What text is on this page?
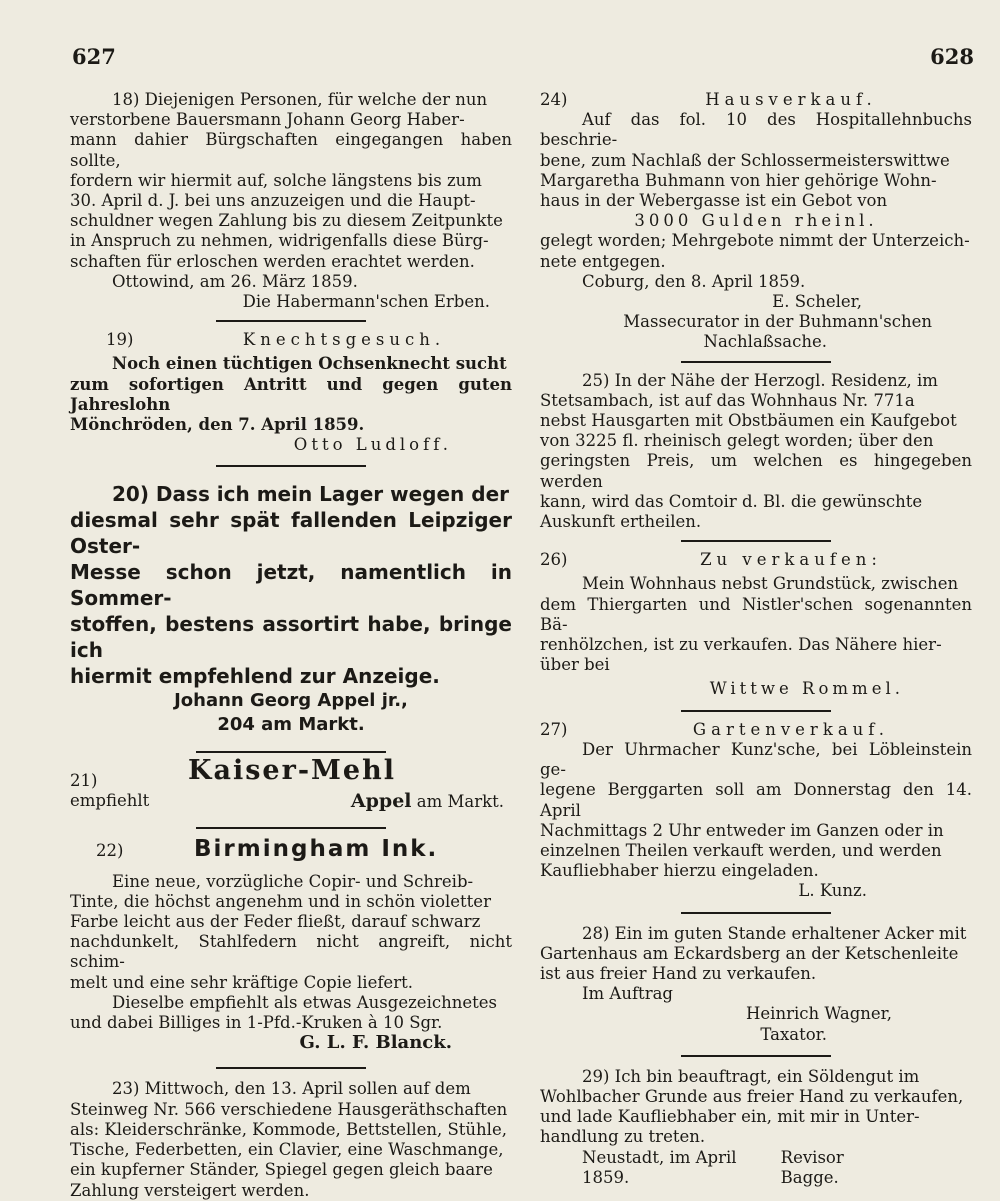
627	628

18) Diejenigen Personen, für welche der nun

verstorbene Bauersmann Johann Georg Haber-

mann dahier Bürgschaften eingegangen haben sollte,

fordern wir hiermit auf, solche längstens bis zum

30. April d. J. bei uns anzuzeigen und die Haupt-

schuldner wegen Zahlung bis zu diesem Zeitpunkte

in Anspruch zu nehmen, widrigenfalls diese Bürg-

schaften für erloschen werden erachtet werden.

Ottowind, am 26. März 1859.

Die Habermann'schen Erben.

19)	Knechtsgesuch.

Noch einen tüchtigen Ochsenknecht sucht

zum sofortigen Antritt und gegen guten Jahreslohn

Mönchröden, den 7. April 1859.

Otto Ludloff.

20) Dass ich mein Lager wegen der

diesmal sehr spät fallenden Leipziger Oster-

Messe schon jetzt, namentlich in Sommer-

stoffen, bestens assortirt habe, bringe ich

hiermit empfehlend zur Anzeige.

Johann Georg Appel jr.,

204 am Markt.

21)
empfiehlt
Kaiser-Mehl
Appel am Markt.
22)	Birmingham Ink.

Eine neue, vorzügliche Copir- und Schreib-

Tinte, die höchst angenehm und in schön violetter

Farbe leicht aus der Feder fließt, darauf schwarz

nachdunkelt, Stahlfedern nicht angreift, nicht schim-

melt und eine sehr kräftige Copie liefert.

Dieselbe empfiehlt als etwas Ausgezeichnetes

und dabei Billiges in 1-Pfd.-Kruken à 10 Sgr.

G. L. F. Blanck.

23) Mittwoch, den 13. April sollen auf dem

Steinweg Nr. 566 verschiedene Hausgeräthschaften

als: Kleiderschränke, Kommode, Bettstellen, Stühle,

Tische, Federbetten, ein Clavier, eine Waschmange,

ein kupferner Ständer, Spiegel gegen gleich baare

Zahlung versteigert werden.

24)	Hausverkauf.

Auf das fol. 10 des Hospitallehnbuchs beschrie-

bene, zum Nachlaß der Schlossermeisterswittwe

Margaretha Buhmann von hier gehörige Wohn-

haus in der Webergasse ist ein Gebot von

3000 Gulden rheinl.

gelegt worden; Mehrgebote nimmt der Unterzeich-

nete entgegen.

Coburg, den 8. April 1859.

E. Scheler,

Massecurator in der Buhmann'schen

Nachlaßsache.

25) In der Nähe der Herzogl. Residenz, im

Stetsambach, ist auf das Wohnhaus Nr. 771a

nebst Hausgarten mit Obstbäumen ein Kaufgebot

von 3225 fl. rheinisch gelegt worden; über den

geringsten Preis, um welchen es hingegeben werden

kann, wird das Comtoir d. Bl. die gewünschte

Auskunft ertheilen.

26)	Zu verkaufen:

Mein Wohnhaus nebst Grundstück, zwischen

dem Thiergarten und Nistler'schen sogenannten Bä-

renhölzchen, ist zu verkaufen. Das Nähere hier-

über bei

Wittwe Rommel.

27)	Gartenverkauf.

Der Uhrmacher Kunz'sche, bei Löbleinstein ge-

legene Berggarten soll am Donnerstag den 14. April

Nachmittags 2 Uhr entweder im Ganzen oder in

einzelnen Theilen verkauft werden, und werden

Kaufliebhaber hierzu eingeladen.

L. Kunz.

28) Ein im guten Stande erhaltener Acker mit

Gartenhaus am Eckardsberg an der Ketschenleite

ist aus freier Hand zu verkaufen.

Im Auftrag

Heinrich Wagner,

Taxator.

29) Ich bin beauftragt, ein Söldengut im

Wohlbacher Grunde aus freier Hand zu verkaufen,

und lade Kaufliebhaber ein, mit mir in Unter-

handlung zu treten.

Neustadt, im April 1859.
Revisor Bagge.
